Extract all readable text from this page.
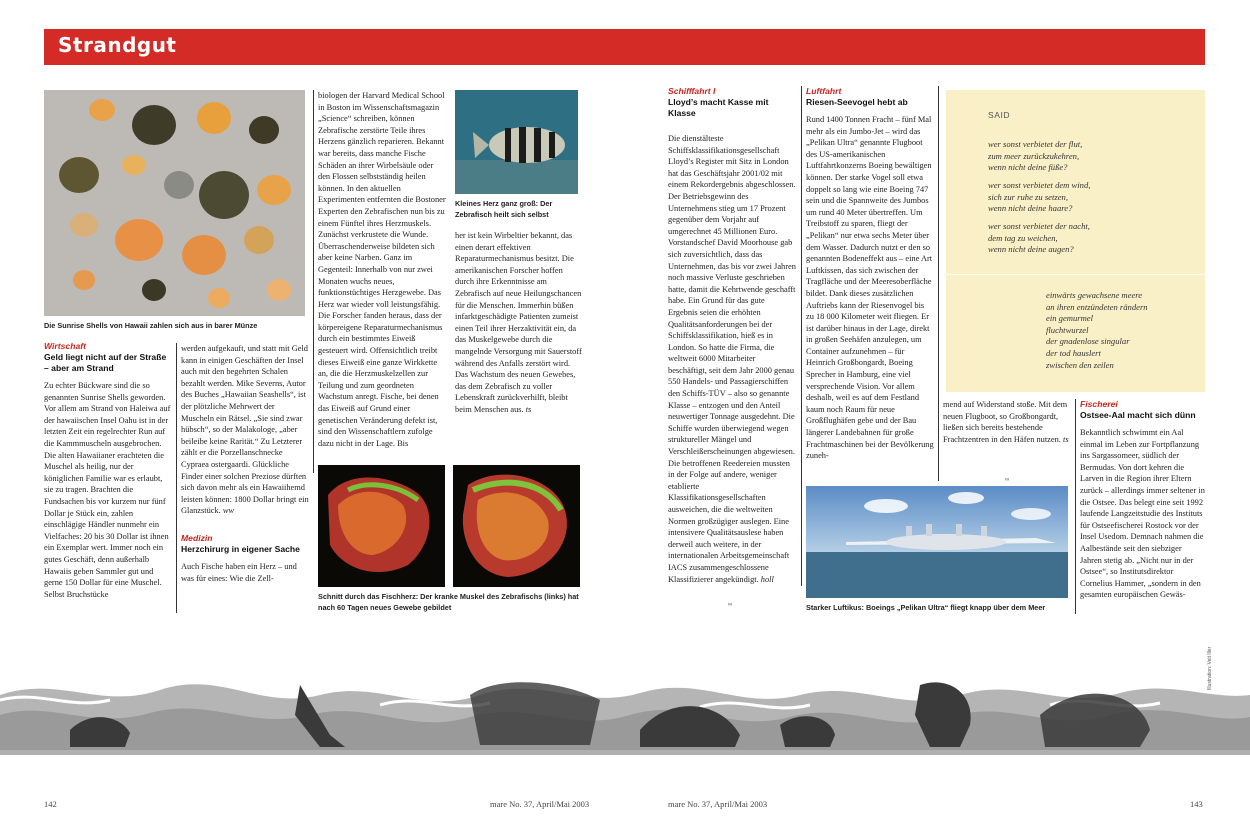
Strandgut
Die Sunrise Shells von Hawaii zahlen sich aus in barer Münze
Wirtschaft
Geld liegt nicht auf der Straße – aber am Strand
Zu echter Bückware sind die so genannten Sunrise Shells geworden. Vor allem am Strand von Haleiwa auf der hawaiischen Insel Oahu ist in der letzten Zeit ein regelrechter Run auf die Kammmuscheln ausgebrochen. Die alten Hawaiianer erachteten die Muschel als heilig, nur der königlichen Familie war es erlaubt, sie zu tragen. Brachten die Fundsachen bis vor kurzem nur fünf Dollar je Stück ein, zahlen einschlägige Händler nunmehr ein Vielfaches: 20 bis 30 Dollar ist ihnen ein Exemplar wert. Immer noch ein gutes Geschäft, denn außerhalb Hawaiis geben Sammler gut und gerne 150 Dollar für eine Muschel. Selbst Bruchstücke
werden aufgekauft, und statt mit Geld kann in einigen Geschäften der Insel auch mit den begehrten Schalen bezahlt werden. Mike Severns, Autor des Buches „Hawaiian Seashells“, ist der plötzliche Mehrwert der Muscheln ein Rätsel. „Sie sind zwar hübsch“, so der Malakologe, „aber beileibe keine Rarität.“ Zu Letzterer zählt er die Porzellanschnecke Cypraea ostergaardi. Glückliche Finder einer solchen Preziose dürften sich davon mehr als ein Hawaiihemd leisten können: 1800 Dollar bringt ein Glanzstück. ww
Medizin
Herzchirurg in eigener Sache
Auch Fische haben ein Herz – und was für eines: Wie die Zell-
biologen der Harvard Medical School in Boston im Wissenschaftsmagazin „Science“ schreiben, können Zebrafische zerstörte Teile ihres Herzens gänzlich reparieren. Bekannt war bereits, dass manche Fische Schäden an ihrer Wirbelsäule oder den Flossen selbstständig heilen können. In den aktuellen Experimenten entfernten die Bostoner Experten den Zebrafischen nun bis zu einem Fünftel ihres Herzmuskels. Zunächst verkrustete die Wunde. Überraschenderweise bildeten sich aber keine Narben. Ganz im Gegenteil: Innerhalb von nur zwei Monaten wuchs neues, funktionstüchtiges Herzgewebe. Das Herz war wieder voll leistungsfähig. Die Forscher fanden heraus, dass der körpereigene Reparaturmechanismus durch ein bestimmtes Eiweiß gesteuert wird. Offensichtlich treibt dieses Eiweiß eine ganze Wirkkette an, die die Herzmuskelzellen zur Teilung und zum geordneten Wachstum anregt. Fische, bei denen das Eiweiß auf Grund einer genetischen Veränderung defekt ist, sind den Wissenschaftlern zufolge dazu nicht in der Lage. Bis
Kleines Herz ganz groß: Der Zebrafisch heilt sich selbst
her ist kein Wirbeltier bekannt, das einen derart effektiven Reparaturmechanismus besitzt. Die amerikanischen Forscher hoffen durch ihre Erkenntnisse am Zebrafisch auf neue Heilungschancen für die Menschen. Immerhin büßen infarktgeschädigte Patienten zumeist einen Teil ihrer Herzaktivität ein, da das Muskelgewebe durch die mangelnde Versorgung mit Sauerstoff während des Anfalls zerstört wird. Das Wachstum des neuen Gewebes, das dem Zebrafisch zu voller Lebenskraft zurückverhilft, bleibt beim Menschen aus. ts
Schnitt durch das Fischherz: Der kranke Muskel des Zebrafischs (links) hat nach 60 Tagen neues Gewebe gebildet
Schifffahrt I
Lloyd’s macht Kasse mit Klasse
Die dienstälteste Schiffsklassifikationsgesellschaft Lloyd’s Register mit Sitz in London hat das Geschäftsjahr 2001/02 mit einem Rekordergebnis abgeschlossen. Der Betriebsgewinn des Unternehmens stieg um 17 Prozent gegenüber dem Vorjahr auf umgerechnet 45 Millionen Euro. Vorstandschef David Moorhouse gab sich zuversichtlich, dass das Unternehmen, das bis vor zwei Jahren noch massive Verluste geschrieben hatte, damit die Kehrtwende geschafft habe. Ein Grund für das gute Ergebnis seien die erhöhten Qualitätsanforderungen bei der Schiffsklassifikation, hieß es in London. So hatte die Firma, die weltweit 6000 Mitarbeiter beschäftigt, seit dem Jahr 2000 genau 550 Handels- und Passagierschiffen den Schiffs-TÜV – also so genannte Klasse – entzogen und den Anteil neuwertiger Tonnage ausgedehnt. Die Schiffe wurden überwiegend wegen struktureller Mängel und Verschleißerscheinungen abgewiesen. Die betroffenen Reedereien mussten in der Folge auf andere, weniger etablierte Klassifikationsgesellschaften ausweichen, die die weltweiten Normen großzügiger auslegen. Eine intensivere Qualitätsauslese haben derweil auch weitere, in der internationalen Arbeitsgemeinschaft IACS zusammengeschlossene Klassifizierer angekündigt. holl
Luftfahrt
Riesen-Seevogel hebt ab
Rund 1400 Tonnen Fracht – fünf Mal mehr als ein Jumbo-Jet – wird das „Pelikan Ultra“ genannte Flugboot des US-amerikanischen Luftfahrtkonzerns Boeing bewältigen können. Der starke Vogel soll etwa doppelt so lang wie eine Boeing 747 sein und die Spannweite des Jumbos um rund 40 Meter übertreffen. Um Treibstoff zu sparen, fliegt der „Pelikan“ nur etwa sechs Meter über dem Wasser. Dadurch nutzt er den so genannten Bodeneffekt aus – eine Art Luftkissen, das sich zwischen der Tragfläche und der Meeresoberfläche bildet. Dank dieses zusätzlichen Auftriebs kann der Riesenvogel bis zu 18 000 Kilometer weit fliegen. Er ist darüber hinaus in der Lage, direkt in großen Seehäfen anzulegen, um Container aufzunehmen – für Heinrich Großbongardt, Boeing Sprecher in Hamburg, eine viel versprechende Vision. Vor allem deshalb, weil es auf dem Festland kaum noch Raum für neue Großflughäfen gebe und der Bau längerer Landebahnen für große Frachtmaschinen bei der Bevölkerung zuneh-
SAID
wer sonst verbietet der flut,
zum meer zurückzukehren,
wenn nicht deine füße?
wer sonst verbietet dem wind,
sich zur ruhe zu setzen,
wenn nicht deine haare?
wer sonst verbietet der nacht,
dem tag zu weichen,
wenn nicht deine augen?
einwärts gewachsene meere
an ihren entzündeten rändern
ein gemurmel
fluchtwurzel
der gnadenlose singular
der tod hauslert
zwischen den zeilen
mend auf Widerstand stoße. Mit dem neuen Flugboot, so Großbongardt, ließen sich bereits bestehende Frachtzentren in den Häfen nutzen. ts
Fischerei
Ostsee-Aal macht sich dünn
Bekanntlich schwimmt ein Aal einmal im Leben zur Fortpflanzung ins Sargassomeer, südlich der Bermudas. Von dort kehren die Larven in die Region ihrer Eltern zurück – allerdings immer seltener in die Ostsee. Das belegt eine seit 1992 laufende Langzeitstudie des Instituts für Ostseefischerei Rostock vor der Insel Usedom. Demnach nahmen die Aalbestände seit den siebziger Jahren stetig ab. „Nicht nur in der Ostsee“, so Institutsdirektor Cornelius Hammer, „sondern in den gesamten europäischen Gewäs-
Starker Luftikus: Boeings „Pelikan Ultra“ fliegt knapp über dem Meer
∞
∞
∞
Illustration: Veit Iller
142	mare No. 37, April/Mai 2003	mare No. 37, April/Mai 2003	143
